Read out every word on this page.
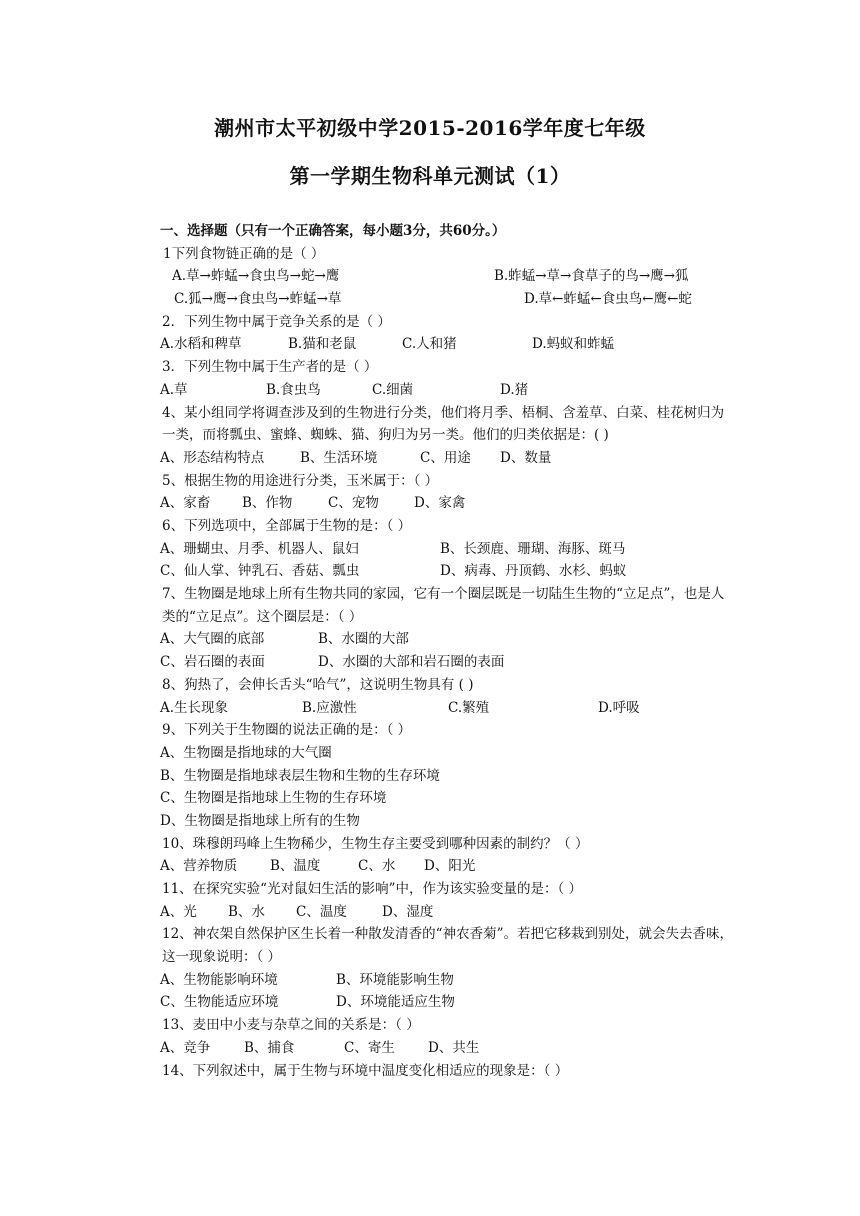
潮州市太平初级中学2015-2016学年度七年级
第一学期生物科单元测试（1）
一、选择题（只有一个正确答案，每小题3分，共60分。）
1下列食物链正确的是（ ）
A.草→蚱蜢→食虫鸟→蛇→鹰	B.蚱蜢→草→食草子的鸟→鹰→狐
C.狐→鹰→食虫鸟→蚱蜢→草	D.草←蚱蜢←食虫鸟←鹰←蛇
2．下列生物中属于竞争关系的是（ ）
A.水稻和稗草	B.猫和老鼠	C.人和猪	D.蚂蚁和蚱蜢
3．下列生物中属于生产者的是（ ）
A.草	B.食虫鸟	C.细菌	D.猪
4、某小组同学将调查涉及到的生物进行分类，他们将月季、梧桐、含羞草、白菜、桂花树归为一类，而将瓢虫、蜜蜂、蜘蛛、猫、狗归为另一类。他们的归类依据是：( )
A、形态结构特点	B、生活环境	C、用途 D、数量
5、根据生物的用途进行分类，玉米属于：（ ）
A、家畜 B、作物	C、宠物	D、家禽
6、下列选项中，全部属于生物的是：（ ）
A、珊蝴虫、月季、机器人、鼠妇	B、长颈鹿、珊瑚、海豚、斑马
C、仙人掌、钟乳石、香菇、瓢虫	D、病毒、丹顶鹤、水杉、蚂蚁
7、生物圈是地球上所有生物共同的家园，它有一个圈层既是一切陆生生物的“立足点”，也是人类的“立足点”。这个圈层是：（ ）
A、大气圈的底部	B、水圈的大部
C、岩石圈的表面	D、水圈的大部和岩石圈的表面
8、狗热了，会伸长舌头“哈气”，这说明生物具有 ( )
A.生长现象	B.应激性	C.繁殖	D.呼吸
9、下列关于生物圈的说法正确的是：（ ）
A、生物圈是指地球的大气圈
B、生物圈是指地球表层生物和生物的生存环境
C、生物圈是指地球上生物的生存环境
D、生物圈是指地球上所有的生物
10、珠穆朗玛峰上生物稀少，生物生存主要受到哪种因素的制约？（ ）
A、营养物质 B、温度	C、水 D、阳光
11、在探究实验“光对鼠妇生活的影响”中，作为该实验变量的是：（ ）
A、光 B、水 C、温度	D、湿度
12、神农架自然保护区生长着一种散发清香的“神农香菊”。若把它移栽到别处，就会失去香味，这一现象说明：（ ）
A、生物能影响环境	B、环境能影响生物
C、生物能适应环境	D、环境能适应生物
13、麦田中小麦与杂草之间的关系是：（ ）
A、竞争	B、捕食	C、寄生 D、共生
14、下列叙述中，属于生物与环境中温度变化相适应的现象是：（ ）
